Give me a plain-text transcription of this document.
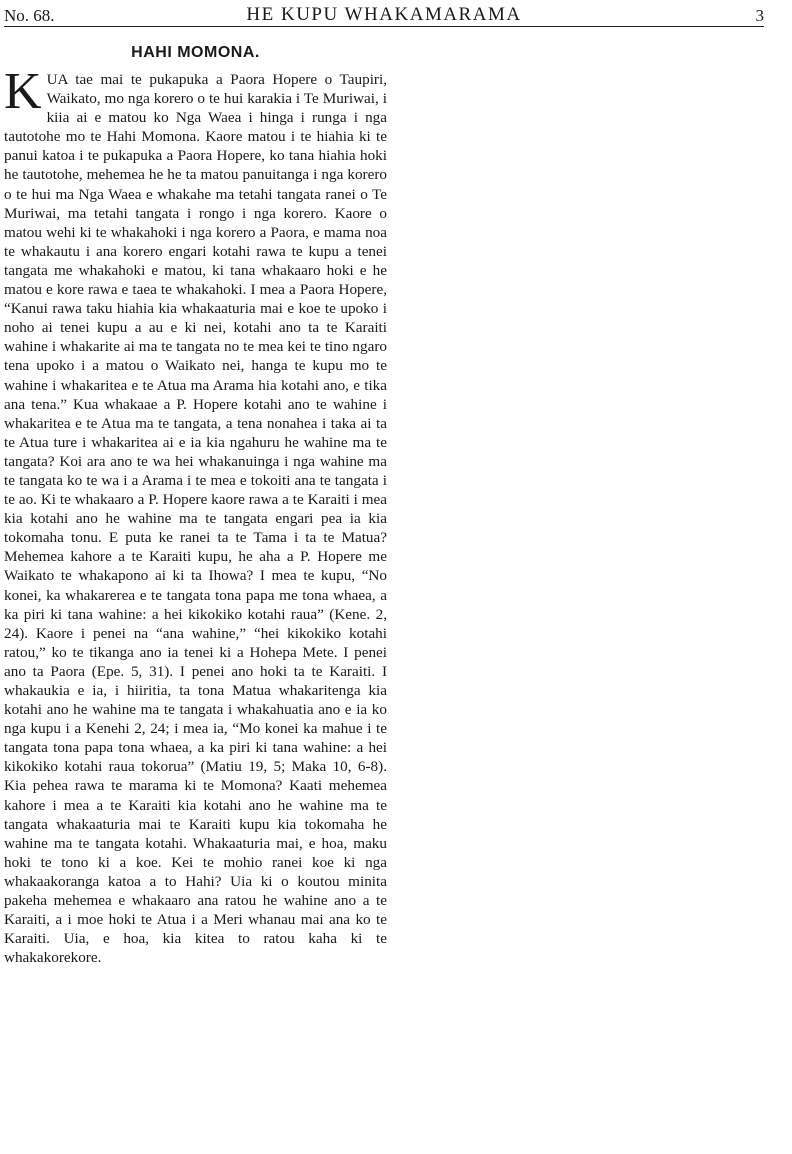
No. 68.	HE KUPU WHAKAMARAMA	3
HAHI MOMONA.

KUA tae mai te pukapuka a Paora Hopere o Taupiri, Waikato, mo nga korero o te hui karakia i Te Muriwai, i kiia ai e matou ko Nga Waea i hinga i runga i nga tautotohe mo te Hahi Momona. Kaore matou i te hiahia ki te panui katoa i te pukapuka a Paora Hopere, ko tana hiahia hoki he tautotohe, mehemea he he ta matou panuitanga i nga korero o te hui ma Nga Waea e whakahe ma tetahi tangata ranei o Te Muriwai, ma tetahi tangata i rongo i nga korero. Kaore o matou wehi ki te whakahoki i nga korero a Paora, e mama noa te whakautu i ana korero engari kotahi rawa te kupu a tenei tangata me whakahoki e matou, ki tana whakaaro hoki e he matou e kore rawa e taea te whakahoki. I mea a Paora Hopere, “Kanui rawa taku hiahia kia whakaaturia mai e koe te upoko i noho ai tenei kupu a au e ki nei, kotahi ano ta te Karaiti wahine i whakarite ai ma te tangata no te mea kei te tino ngaro tena upoko i a matou o Waikato nei, hanga te kupu mo te wahine i whakaritea e te Atua ma Arama hia kotahi ano, e tika ana tena.” Kua whakaae a P. Hopere kotahi ano te wahine i whakaritea e te Atua ma te tangata, a tena nonahea i taka ai ta te Atua ture i whakaritea ai e ia kia ngahuru he wahine ma te tangata? Koi ara ano te wa hei whakanuinga i nga wahine ma te tangata ko te wa i a Arama i te mea e tokoiti ana te tangata i te ao. Ki te whakaaro a P. Hopere kaore rawa a te Karaiti i mea kia kotahi ano he wahine ma te tangata engari pea ia kia tokomaha tonu. E puta ke ranei ta te Tama i ta te Matua? Mehemea kahore a te Karaiti kupu, he aha a P. Hopere me Waikato te whakapono ai ki ta Ihowa? I mea te kupu, “No konei, ka whakarerea e te tangata tona papa me tona whaea, a ka piri ki tana wahine: a hei kikokiko kotahi raua” (Kene. 2, 24). Kaore i penei na “ana wahine,” “hei kikokiko kotahi ratou,” ko te tikanga ano ia tenei ki a Hohepa Mete. I penei ano ta Paora (Epe. 5, 31). I penei ano hoki ta te Karaiti. I whakaukia e ia, i hiiritia, ta tona Matua whakaritenga kia kotahi ano he wahine ma te tangata i whakahuatia ano e ia ko nga kupu i a Kenehi 2, 24; i mea ia, “Mo konei ka mahue i te tangata tona papa tona whaea, a ka piri ki tana wahine: a hei kikokiko kotahi raua tokorua” (Matiu 19, 5; Maka 10, 6-8). Kia pehea rawa te marama ki te Momona? Kaati mehemea kahore i mea a te Karaiti kia kotahi ano he wahine ma te tangata whakaaturia mai te Karaiti kupu kia tokomaha he wahine ma te tangata kotahi. Whakaaturia mai, e hoa, maku hoki te tono ki a koe. Kei te mohio ranei koe ki nga whakaakoranga katoa a to Hahi? Uia ki o koutou minita pakeha mehemea e whakaaro ana ratou he wahine ano a te Karaiti, a i moe hoki te Atua i a Meri whanau mai ana ko te Karaiti. Uia, e hoa, kia kitea to ratou kaha ki te whakakorekore.
